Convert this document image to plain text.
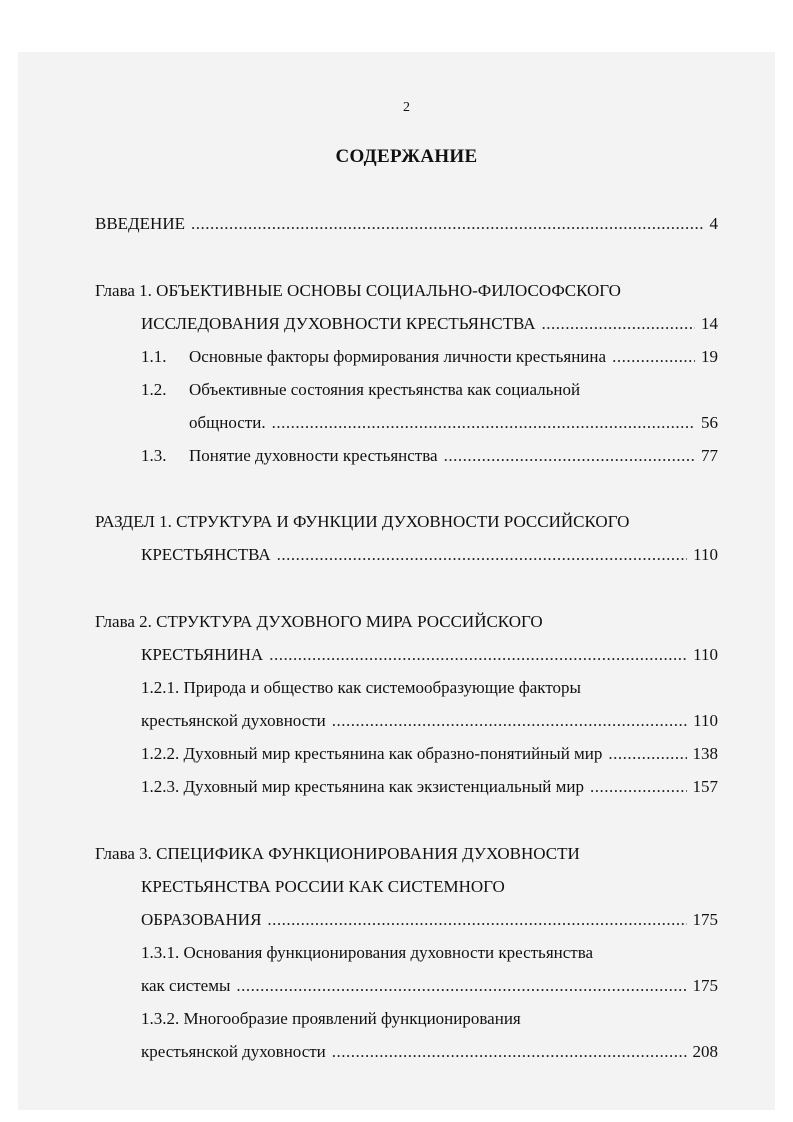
2
СОДЕРЖАНИЕ
ВВЕДЕНИЕ .....	4
Глава 1. ОБЪЕКТИВНЫЕ ОСНОВЫ СОЦИАЛЬНО-ФИЛОСОФСКОГО
ИССЛЕДОВАНИЯ ДУХОВНОСТИ КРЕСТЬЯНСТВА .....	14
1.1.	Основные факторы формирования личности крестьянина .....	19
1.2. Объективные состояния крестьянства как социальной
общности. .....	56
1.3.	Понятие духовности крестьянства .....	77
РАЗДЕЛ 1. СТРУКТУРА И ФУНКЦИИ ДУХОВНОСТИ РОССИЙСКОГО
КРЕСТЬЯНСТВА .....	110
Глава 2. СТРУКТУРА ДУХОВНОГО МИРА РОССИЙСКОГО
КРЕСТЬЯНИНА .....	110
1.2.1. Природа и общество как системообразующие факторы
крестьянской духовности .....	110
1.2.2. Духовный мир крестьянина как образно-понятийный мир .....	138
1.2.3. Духовный мир крестьянина как экзистенциальный мир .....	157
Глава 3. СПЕЦИФИКА ФУНКЦИОНИРОВАНИЯ ДУХОВНОСТИ
КРЕСТЬЯНСТВА РОССИИ КАК СИСТЕМНОГО
ОБРАЗОВАНИЯ .....	175
1.3.1. Основания функционирования духовности крестьянства
как системы .....	175
1.3.2. Многообразие проявлений функционирования
крестьянской духовности .....	208
